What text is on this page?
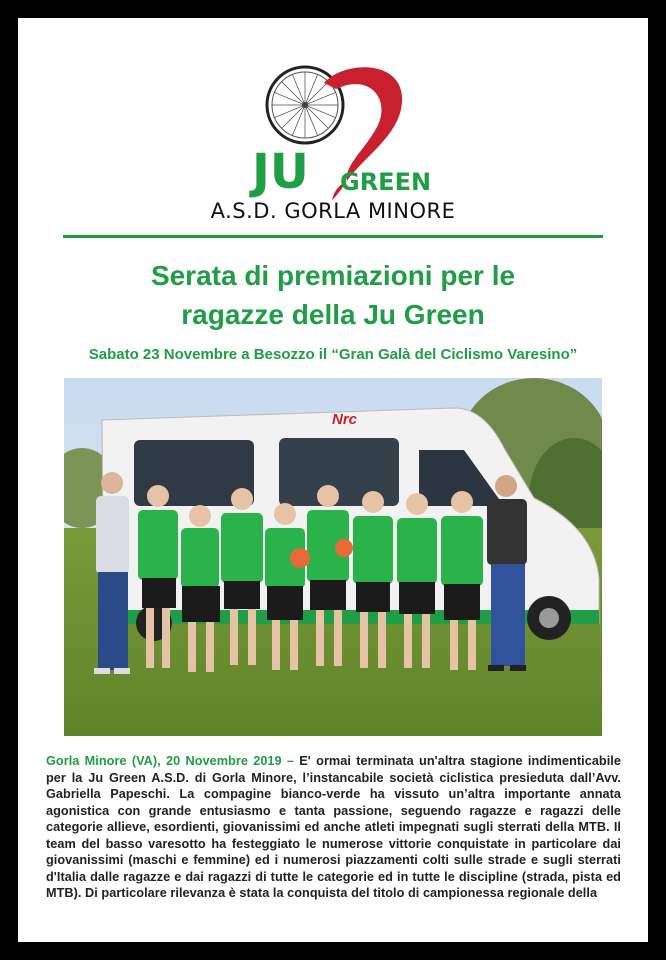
JU GREEN
A.S.D. GORLA MINORE
Serata di premiazioni per le
ragazze della Ju Green
Sabato 23 Novembre a Besozzo il “Gran Galà del Ciclismo Varesino”
Nrc
Gorla Minore (VA), 20 Novembre 2019 – E' ormai terminata un'altra stagione indimenticabile per la Ju Green A.S.D. di Gorla Minore, l’instancabile società ciclistica presieduta dall’Avv. Gabriella Papeschi. La compagine bianco-verde ha vissuto un’altra importante annata agonistica con grande entusiasmo e tanta passione, seguendo ragazze e ragazzi delle categorie allieve, esordienti, giovanissimi ed anche atleti impegnati sugli sterrati della MTB. Il team del basso varesotto ha festeggiato le numerose vittorie conquistate in particolare dai giovanissimi (maschi e femmine) ed i numerosi piazzamenti colti sulle strade e sugli sterrati d'Italia dalle ragazze e dai ragazzi di tutte le categorie ed in tutte le discipline (strada, pista ed MTB). Di particolare rilevanza è stata la conquista del titolo di campionessa regionale della
